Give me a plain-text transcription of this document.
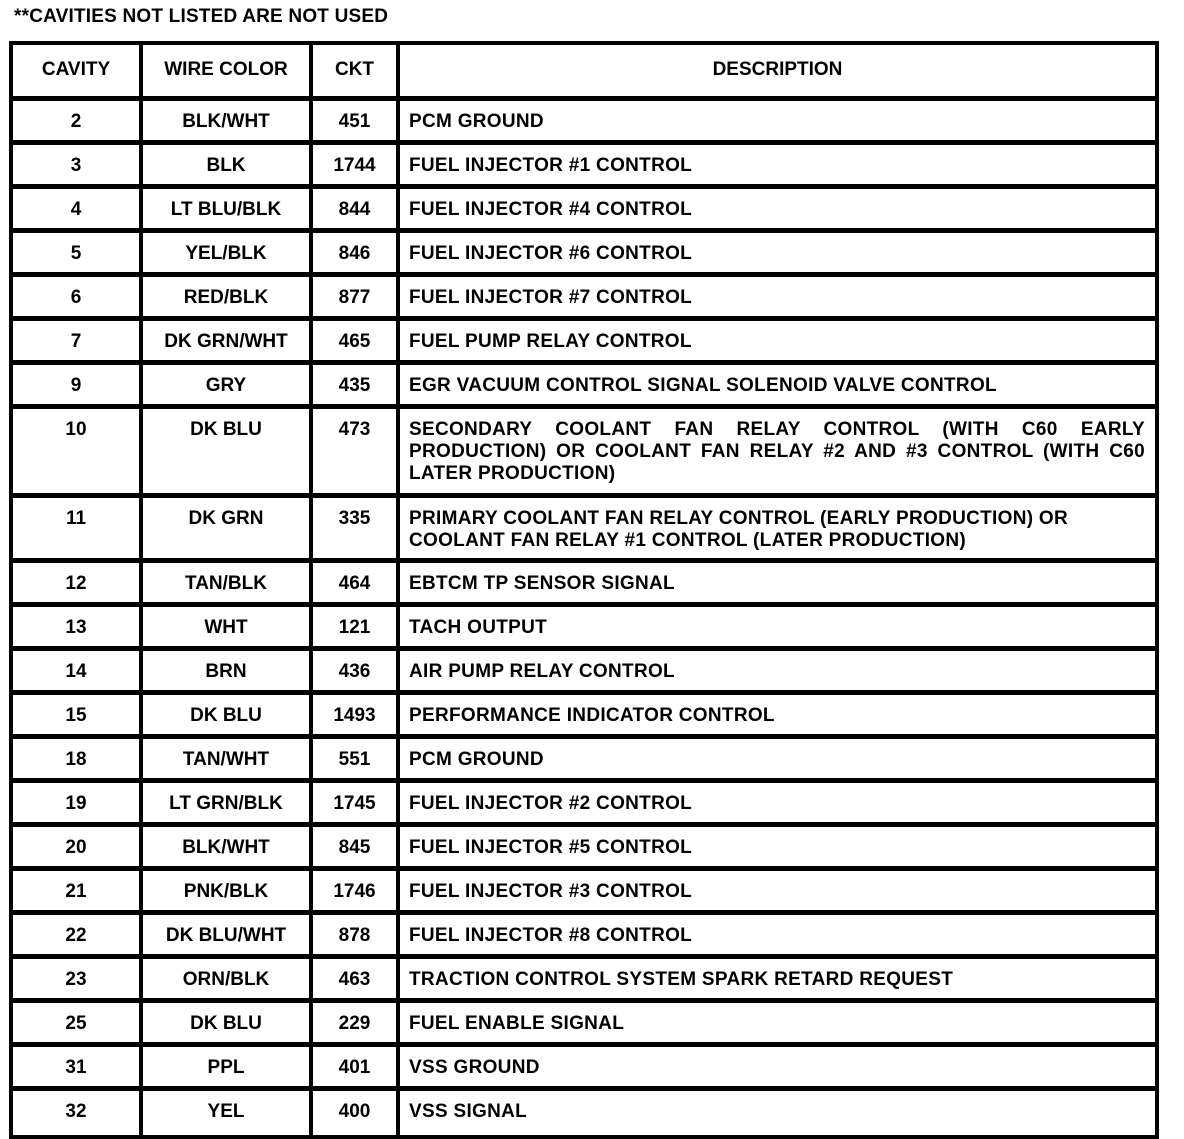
**CAVITIES NOT LISTED ARE NOT USED
CAVITY	WIRE COLOR	CKT	DESCRIPTION
2	BLK/WHT	451	PCM GROUND
3	BLK	1744	FUEL INJECTOR #1 CONTROL
4	LT BLU/BLK	844	FUEL INJECTOR #4 CONTROL
5	YEL/BLK	846	FUEL INJECTOR #6 CONTROL
6	RED/BLK	877	FUEL INJECTOR #7 CONTROL
7	DK GRN/WHT	465	FUEL PUMP RELAY CONTROL
9	GRY	435	EGR VACUUM CONTROL SIGNAL SOLENOID VALVE CONTROL
10	DK BLU	473	SECONDARY COOLANT FAN RELAY CONTROL (WITH C60 EARLY PRODUCTION) OR COOLANT FAN RELAY #2 AND #3 CONTROL (WITH C60 LATER PRODUCTION)
11	DK GRN	335	PRIMARY COOLANT FAN RELAY CONTROL (EARLY PRODUCTION) OR COOLANT FAN RELAY #1 CONTROL (LATER PRODUCTION)
12	TAN/BLK	464	EBTCM TP SENSOR SIGNAL
13	WHT	121	TACH OUTPUT
14	BRN	436	AIR PUMP RELAY CONTROL
15	DK BLU	1493	PERFORMANCE INDICATOR CONTROL
18	TAN/WHT	551	PCM GROUND
19	LT GRN/BLK	1745	FUEL INJECTOR #2 CONTROL
20	BLK/WHT	845	FUEL INJECTOR #5 CONTROL
21	PNK/BLK	1746	FUEL INJECTOR #3 CONTROL
22	DK BLU/WHT	878	FUEL INJECTOR #8 CONTROL
23	ORN/BLK	463	TRACTION CONTROL SYSTEM SPARK RETARD REQUEST
25	DK BLU	229	FUEL ENABLE SIGNAL
31	PPL	401	VSS GROUND
32	YEL	400	VSS SIGNAL
